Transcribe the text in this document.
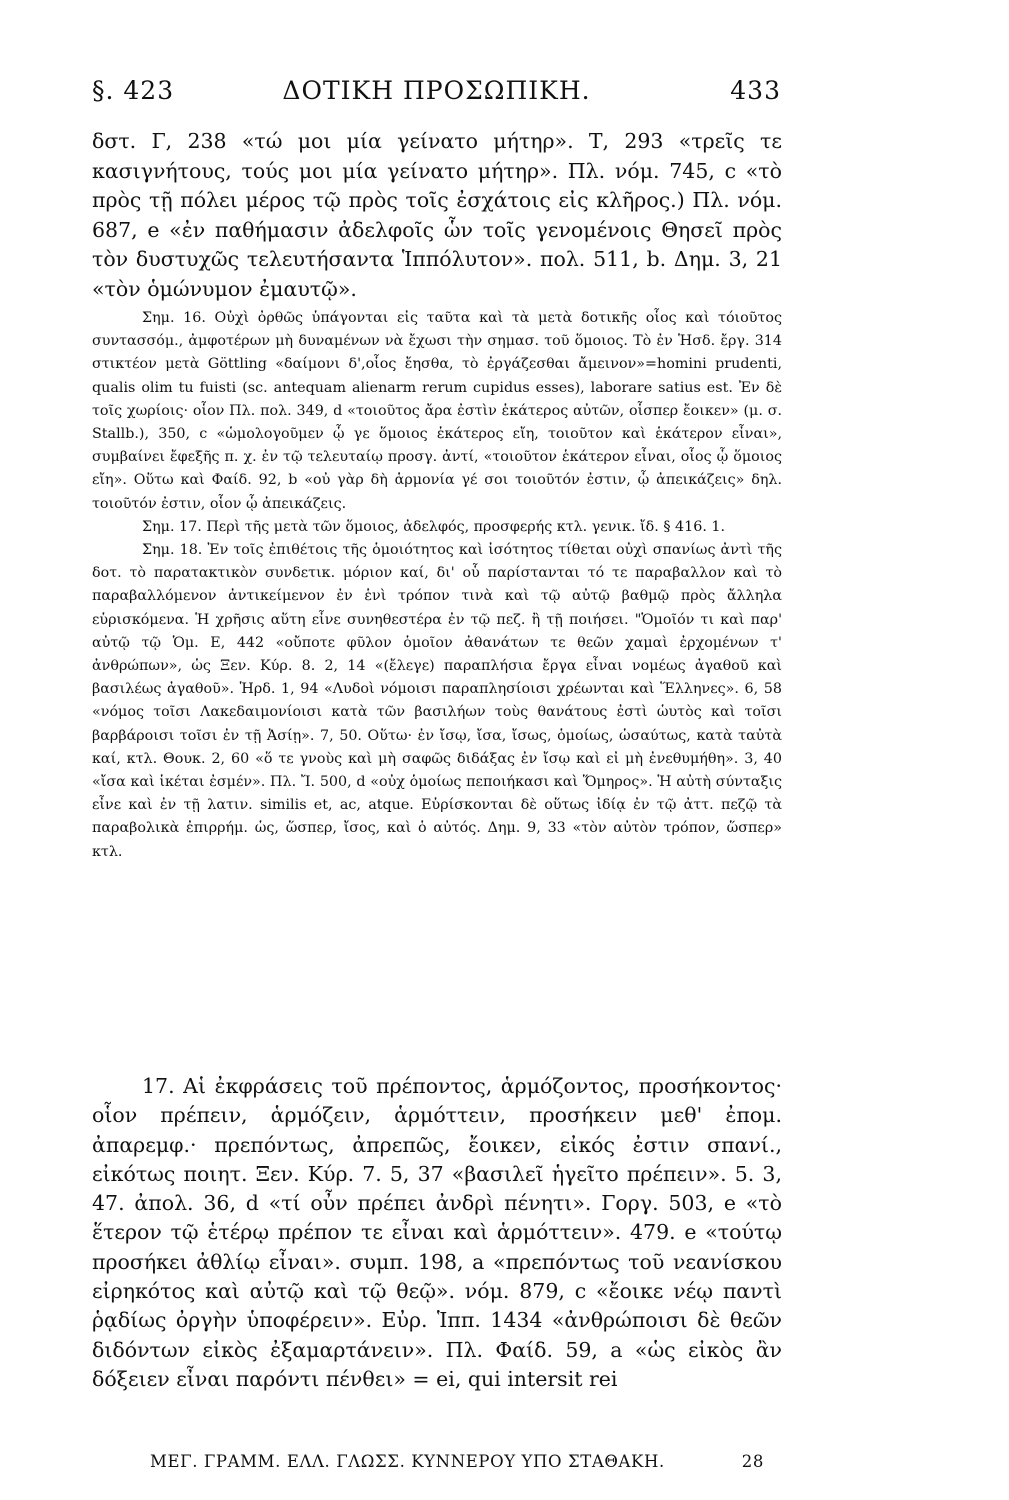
§. 423	ΔΟΤΙΚΗ ΠΡΟΣΩΠΙΚΗ.	433

δστ. Γ, 238 «τώ μοι μία γείνατο μήτηρ». Τ, 293 «τρεῖς τε κασιγνήτους, τούς μοι μία γείνατο μήτηρ». Πλ. νόμ. 745, c «τὸ πρὸς τῇ πόλει μέρος τῷ πρὸς τοῖς ἐσχάτοις εἰς κλῆρος.) Πλ. νόμ. 687, e «ἐν παθήμασιν ἀδελφοῖς ὧν τοῖς γενομένοις Θησεῖ πρὸς τὸν δυστυχῶς τελευτήσαντα Ἱππόλυτον». πολ. 511, b. Δημ. 3, 21 «τὸν ὁμώνυμον ἐμαυτῷ».

Σημ. 16. Οὐχὶ ὀρθῶς ὑπάγονται εἰς ταῦτα καὶ τὰ μετὰ δοτικῆς οἷος καὶ τόιοῦτος συντασσόμ., ἀμφοτέρων μὴ δυναμένων νὰ ἔχωσι τὴν σημασ. τοῦ ὅμοιος. Τὸ ἐν Ἡσδ. ἔργ. 314 στικτέον μετὰ Göttling «δαίμονι δ',οἷος ἔησθα, τὸ ἐργάζεσθαι ἄμεινον»=homini prudenti, qualis olim tu fuisti (sc. antequam alienarm rerum cupidus esses), laborare satius est. Ἐν δὲ τοῖς χωρίοις· οἷον Πλ. πολ. 349, d «τοιοῦτος ἄρα ἐστὶν ἑκάτερος αὐτῶν, οἷσπερ ἔοικεν» (μ. σ. Stallb.), 350, c «ὡμολογοῦμεν ᾧ γε ὅμοιος ἑκάτερος εἴη, τοιοῦτον καὶ ἑκάτερον εἶναι», συμβαίνει ἔφεξῆς π. χ. ἐν τῷ τελευταίῳ προσγ. ἀντί, «τοιοῦτον ἑκάτερον εἶναι, οἷος ᾧ ὅμοιος εἴη». Οὕτω καὶ Φαίδ. 92, b «οὐ γὰρ δὴ ἁρμονία γέ σοι τοιοῦτόν ἐστιν, ᾧ ἀπεικάζεις» δηλ. τοιοῦτόν ἐστιν, οἷον ᾧ ἀπεικάζεις.

Σημ. 17. Περὶ τῆς μετὰ τῶν ὅμοιος, ἀδελφός, προσφερής κτλ. γενικ. ἴδ. § 416. 1.

Σημ. 18. Ἐν τοῖς ἐπιθέτοις τῆς ὁμοιότητος καὶ ἰσότητος τίθεται οὐχὶ σπανίως ἀντὶ τῆς δοτ. τὸ παρατακτικὸν συνδετικ. μόριον καί, δι' οὗ παρίστανται τό τε παραβαλλον καὶ τὸ παραβαλλόμενον ἀντικείμενον ἐν ἑνὶ τρόπον τινὰ καὶ τῷ αὐτῷ βαθμῷ πρὸς ἄλληλα εὑρισκόμενα. Ἡ χρῆσις αὕτη εἶνε συνηθεστέρα ἐν τῷ πεζ. ἢ τῇ ποιήσει. "Ὁμοῖόν τι καὶ παρ' αὐτῷ τῷ Ὁμ. Ε, 442 «οὔποτε φῦλον ὁμοῖον ἀθανάτων τε θεῶν χαμαὶ ἐρχομένων τ' ἀνθρώπων», ὡς Ξεν. Κύρ. 8. 2, 14 «(ἔλεγε) παραπλήσια ἔργα εἶναι νομέως ἀγαθοῦ καὶ βασιλέως ἀγαθοῦ». Ἡρδ. 1, 94 «Λυδοὶ νόμοισι παραπλησίοισι χρέωνται καὶ Ἕλληνες». 6, 58 «νόμος τοῖσι Λακεδαιμονίοισι κατὰ τῶν βασιλήων τοὺς θανάτους ἐστὶ ὡυτὸς καὶ τοῖσι βαρβάροισι τοῖσι ἐν τῇ Ἀσίῃ». 7, 50. Οὕτω· ἐν ἴσῳ, ἴσα, ἴσως, ὁμοίως, ὡσαύτως, κατὰ ταὐτὰ καί, κτλ. Θουκ. 2, 60 «ὅ τε γνοὺς καὶ μὴ σαφῶς διδάξας ἐν ἴσῳ καὶ εἰ μὴ ἐνεθυμήθη». 3, 40 «ἴσα καὶ ἱκέται ἐσμέν». Πλ. Ἴ. 500, d «οὐχ ὁμοίως πεποιήκασι καὶ Ὅμηρος». Ἡ αὐτὴ σύνταξις εἶνε καὶ ἐν τῇ λατιν. similis et, ac, atque. Εὑρίσκονται δὲ οὕτως ἰδίᾳ ἐν τῷ ἀττ. πεζῷ τὰ παραβολικὰ ἐπιρρήμ. ὡς, ὥσπερ, ἴσος, καὶ ὁ αὐτός. Δημ. 9, 33 «τὸν αὐτὸν τρόπον, ὥσπερ» κτλ.

17. Αἱ ἐκφράσεις τοῦ πρέποντος, ἁρμόζοντος, προσήκοντος· οἷον πρέπειν, ἁρμόζειν, ἁρμόττειν, προσήκειν μεθ' ἐπομ. ἀπαρεμφ.· πρεπόντως, ἀπρεπῶς, ἔοικεν, εἰκός ἐστιν σπανί., εἰκότως ποιητ. Ξεν. Κύρ. 7. 5, 37 «βασιλεῖ ἡγεῖτο πρέπειν». 5. 3, 47. ἀπολ. 36, d «τί οὖν πρέπει ἀνδρὶ πένητι». Γοργ. 503, e «τὸ ἕτερον τῷ ἑτέρῳ πρέπον τε εἶναι καὶ ἁρμόττειν». 479. e «τούτῳ προσήκει ἀθλίῳ εἶναι». συμπ. 198, a «πρεπόντως τοῦ νεανίσκου εἰρηκότος καὶ αὐτῷ καὶ τῷ θεῷ». νόμ. 879, c «ἔοικε νέῳ παντὶ ῥᾳδίως ὀργὴν ὑποφέρειν». Εὐρ. Ἱππ. 1434 «ἀνθρώποισι δὲ θεῶν διδόντων εἰκὸς ἐξαμαρτάνειν». Πλ. Φαίδ. 59, a «ὡς εἰκὸς ἂν δόξειεν εἶναι παρόντι πένθει» = ei, qui intersit rei

ΜΕΓ. ΓΡΑΜΜ. ΕΛΛ. ΓΛΩΣΣ. ΚΥΝΝΕΡΟΥ ΥΠΟ ΣΤΑΘΑΚΗ.	28
